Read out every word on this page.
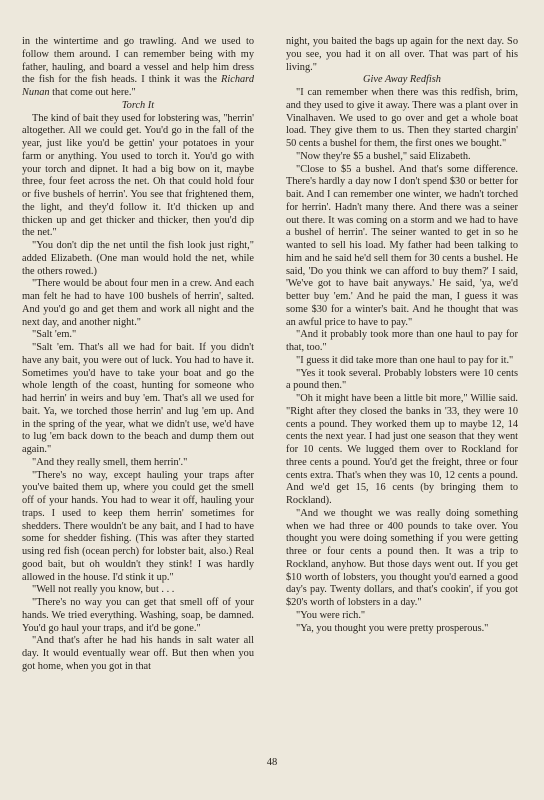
in the wintertime and go trawling. And we used to follow them around. I can remember being with my father, hauling, and board a vessel and help him dress the fish for the fish heads. I think it was the Richard Nunan that come out here."

Torch It

The kind of bait they used for lobstering was, "herrin' altogether. All we could get. You'd go in the fall of the year, just like you'd be gettin' your potatoes in your farm or anything. You used to torch it. You'd go with your torch and dipnet. It had a big bow on it, maybe three, four feet across the net. Oh that could hold four or five bushels of herrin'. You see that frightened them, the light, and they'd follow it. It'd thicken up and thicken up and get thicker and thicker, then you'd dip the net."

"You don't dip the net until the fish look just right," added Elizabeth. (One man would hold the net, while the others rowed.)

"There would be about four men in a crew. And each man felt he had to have 100 bushels of herrin', salted. And you'd go and get them and work all night and the next day, and another night."

"Salt 'em."

"Salt 'em. That's all we had for bait. If you didn't have any bait, you were out of luck. You had to have it. Sometimes you'd have to take your boat and go the whole length of the coast, hunting for someone who had herrin' in weirs and buy 'em. That's all we used for bait. Ya, we torched those herrin' and lug 'em up. And in the spring of the year, what we didn't use, we'd have to lug 'em back down to the beach and dump them out again."

"And they really smell, them herrin'."

"There's no way, except hauling your traps after you've baited them up, where you could get the smell off of your hands. You had to wear it off, hauling your traps. I used to keep them herrin' sometimes for shedders. There wouldn't be any bait, and I had to have some for shedder fishing. (This was after they started using red fish (ocean perch) for lobster bait, also.) Real good bait, but oh wouldn't they stink! I was hardly allowed in the house. I'd stink it up."

"Well not really you know, but . . .

"There's no way you can get that smell off of your hands. We tried everything. Washing, soap, be damned. You'd go haul your traps, and it'd be gone."

"And that's after he had his hands in salt water all day. It would eventually wear off. But then when you got home, when you got in that

night, you baited the bags up again for the next day. So you see, you had it on all over. That was part of his living."

Give Away Redfish

"I can remember when there was this redfish, brim, and they used to give it away. There was a plant over in Vinalhaven. We used to go over and get a whole boat load. They give them to us. Then they started chargin' 50 cents a bushel for them, the first ones we bought."

"Now they're $5 a bushel," said Elizabeth.

"Close to $5 a bushel. And that's some difference. There's hardly a day now I don't spend $30 or better for bait. And I can remember one winter, we hadn't torched for herrin'. Hadn't many there. And there was a seiner out there. It was coming on a storm and we had to have a bushel of herrin'. The seiner wanted to get in so he wanted to sell his load. My father had been talking to him and he said he'd sell them for 30 cents a bushel. He said, 'Do you think we can afford to buy them?' I said, 'We've got to have bait anyways.' He said, 'ya, we'd better buy 'em.' And he paid the man, I guess it was some $30 for a winter's bait. And he thought that was an awful price to have to pay."

"And it probably took more than one haul to pay for that, too."

"I guess it did take more than one haul to pay for it."

"Yes it took several. Probably lobsters were 10 cents a pound then."

"Oh it might have been a little bit more," Willie said. "Right after they closed the banks in '33, they were 10 cents a pound. They worked them up to maybe 12, 14 cents the next year. I had just one season that they went for 10 cents. We lugged them over to Rockland for three cents a pound. You'd get the freight, three or four cents extra. That's when they was 10, 12 cents a pound. And we'd get 15, 16 cents (by bringing them to Rockland).

"And we thought we was really doing something when we had three or 400 pounds to take over. You thought you were doing something if you were getting three or four cents a pound then. It was a trip to Rockland, anyhow. But those days went out. If you get $10 worth of lobsters, you thought you'd earned a good day's pay. Twenty dollars, and that's cookin', if you got $20's worth of lobsters in a day."

"You were rich."

"Ya, you thought you were pretty prosperous."

48
